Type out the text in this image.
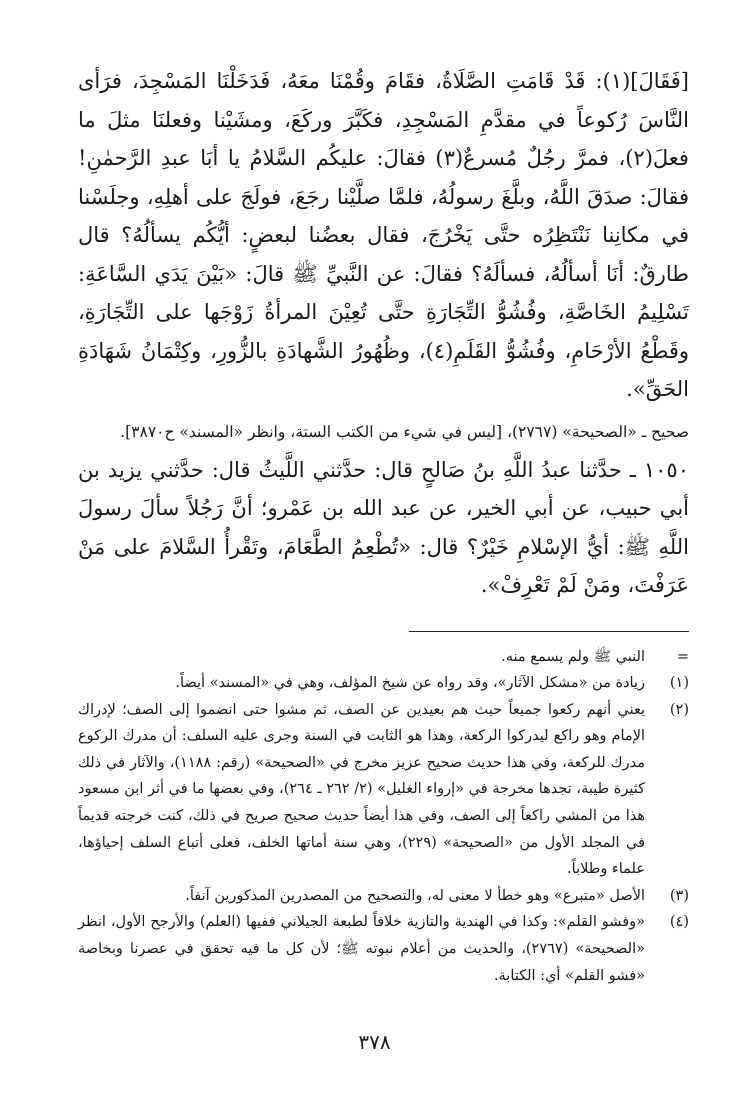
[فَقَالَ](١): قَدْ قَامَتِ الصَّلَاةُ، فقَامَ وقُمْنَا معَهُ، فَدَخَلْنَا المَسْجِدَ، فرَأى النَّاسَ رُكوعاً في مقدَّمِ المَسْجِدِ، فكَبَّرَ وركَعَ، ومشَيْنا وفعلنَا مثلَ ما فعلَ(٢)، فمرَّ رجُلٌ مُسرعٌ(٣) فقالَ: عليكُم السَّلامُ يا أبَا عبدِ الرَّحمٰنِ! فقالَ: صدَقَ اللَّهُ، وبلَّغَ رسولُهُ، فلمَّا صلَّيْنا رجَعَ، فولَجَ على أهلِهِ، وجلَسْنا في مكانِنا نَنْتَظِرُه حتَّى يَخْرُجَ، فقال بعضُنا لبعضٍ: أيُّكُم يسألُهُ؟ قال طارقٌ: أنَا أسألُهُ، فسألَهُ؟ فقالَ: عن النَّبيِّ ﷺ قالَ: «بَيْنَ يَدَي السَّاعَةِ: تَسْلِيمُ الخَاصَّةِ، وفُشُوُّ التِّجَارَةِ حتَّى تُعِيْنَ المرأةُ زَوْجَها على التِّجَارَةِ، وقَطْعُ الأرْحَامِ، وفُشُوُّ القَلَمِ(٤)، وظُهُورُ الشَّهادَةِ بالزُّورِ، وكِتْمَانُ شَهَادَةِ الحَقِّ».

صحيح ـ «الصحيحة» (٢٧٦٧)، [ليس في شيء من الكتب الستة، وانظر «المسند» ح٣٨٧٠].

١٠٥٠ ـ حدَّثنا عبدُ اللَّهِ بنُ صَالحٍ قال: حدَّثني اللَّيثُ قال: حدَّثني يزيد بن أبي حبيب، عن أبي الخير، عن عبد الله بن عَمْرو؛ أنَّ رَجُلاً سألَ رسولَ اللَّهِ ﷺ: أيُّ الإسْلامِ خَيْرٌ؟ قال: «تُطْعِمُ الطَّعَامَ، وتَقْرأُ السَّلامَ على مَنْ عَرَفْتَ، ومَنْ لَمْ تَعْرِفْ».

=
النبي ﷺ ولم يسمع منه.
(١)
زيادة من «مشكل الآثار»، وقد رواه عن شيخ المؤلف، وهي في «المسند» أيضاً.
(٢)
يعني أنهم ركعوا جميعاً حيث هم بعيدين عن الصف، ثم مشوا حتى انضموا إلى الصف؛ لإدراك الإمام وهو راكع ليدركوا الركعة، وهذا هو الثابت في السنة وجرى عليه السلف: أن مدرك الركوع مدرك للركعة، وفي هذا حديث صحيح عزيز مخرج في «الصحيحة» (رقم: ١١٨٨)، والآثار في ذلك كثيرة طيبة، تجدها مخرجة في «إرواء الغليل» (٢/ ٢٦٢ ـ ٢٦٤)، وفي بعضها ما في أثر ابن مسعود هذا من المشي راكعاً إلى الصف، وفي هذا أيضاً حديث صحيح صريح في ذلك، كنت خرجته قديماً في المجلد الأول من «الصحيحة» (٢٢٩)، وهي سنة أماتها الخلف، فعلى أتباع السلف إحياؤها، علماء وطلاباً.
(٣)
الأصل «متبرع» وهو خطأ لا معنى له، والتصحيح من المصدرين المذكورين آنفاً.
(٤)
«وفشو القلم»: وكذا في الهندية والتازية خلافاً لطبعة الجيلاني ففيها (العلم) والأرجح الأول، انظر «الصحيحة» (٢٧٦٧)، والحديث من أعلام نبوته ﷺ؛ لأن كل ما فيه تحقق في عصرنا وبخاصة «فشو القلم» أي: الكتابة.
٣٧٨
